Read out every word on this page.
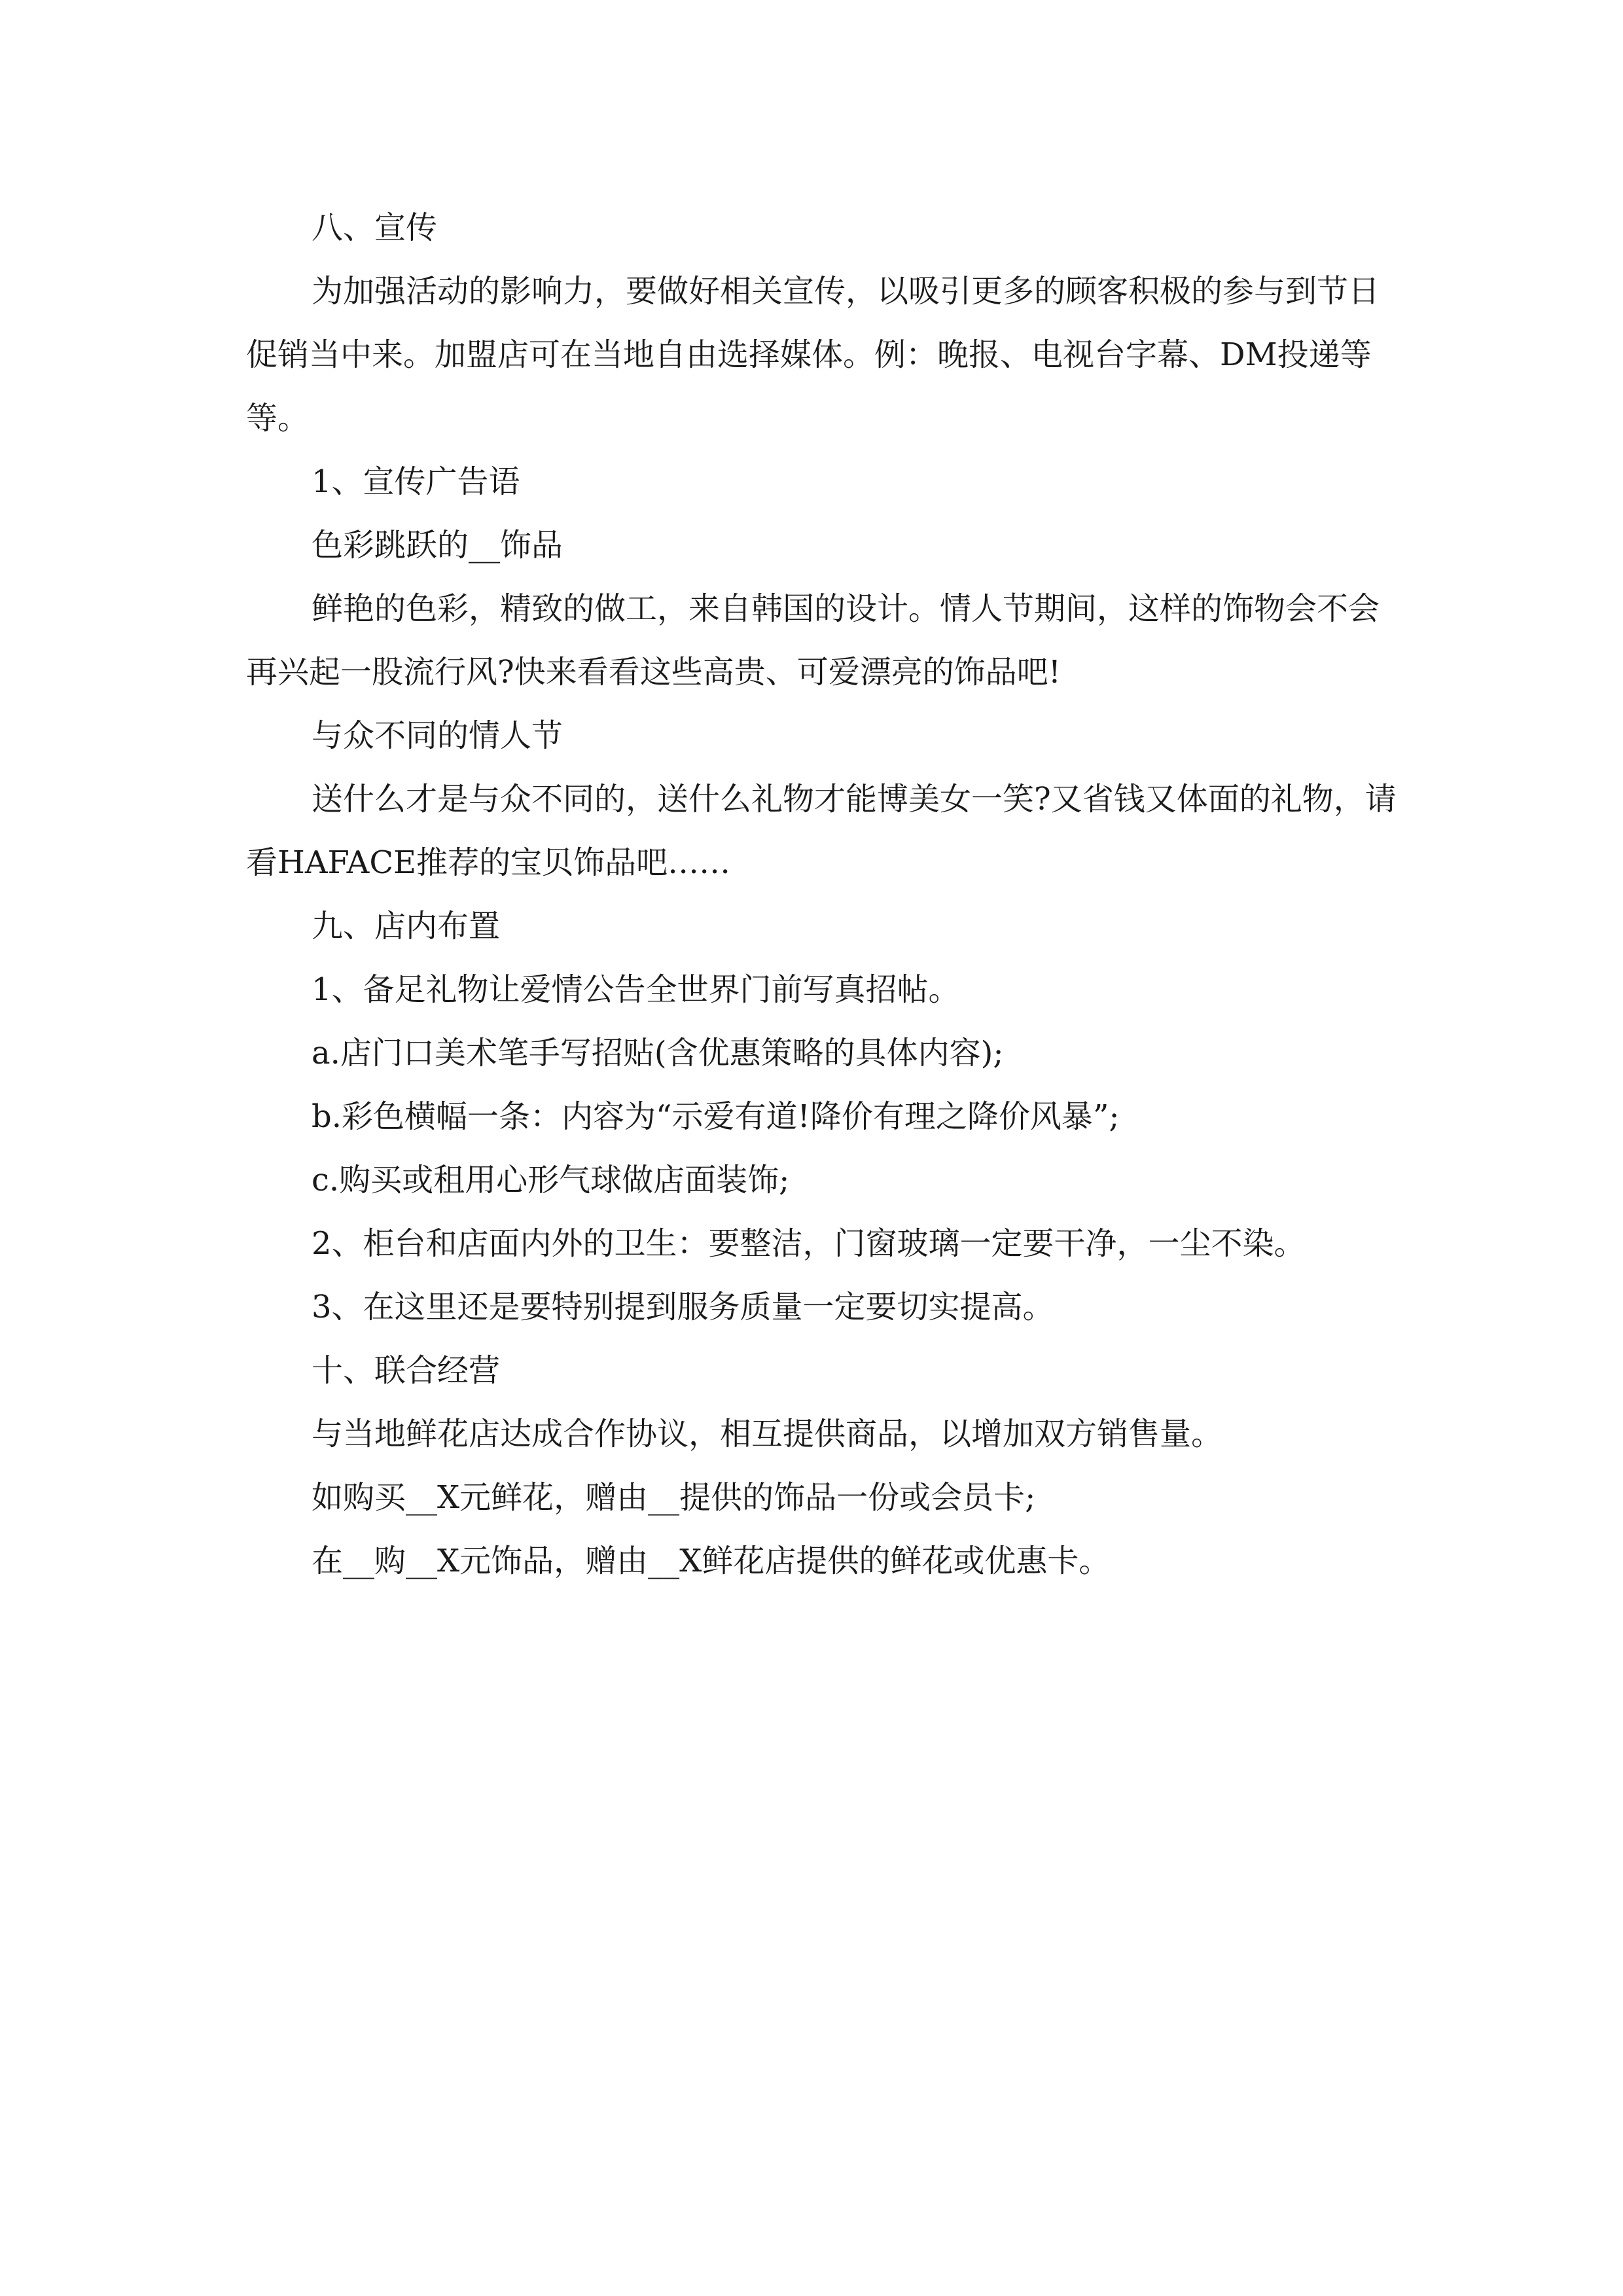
八、宣传

为加强活动的影响力，要做好相关宣传，以吸引更多的顾客积极的参与到节日促销当中来。加盟店可在当地自由选择媒体。例：晚报、电视台字幕、DM投递等等。

1、宣传广告语

色彩跳跃的__饰品

鲜艳的色彩，精致的做工，来自韩国的设计。情人节期间，这样的饰物会不会再兴起一股流行风?快来看看这些高贵、可爱漂亮的饰品吧!

与众不同的情人节

送什么才是与众不同的，送什么礼物才能博美女一笑?又省钱又体面的礼物，请看HAFACE推荐的宝贝饰品吧……

九、店内布置

1、备足礼物让爱情公告全世界门前写真招帖。

a.店门口美术笔手写招贴(含优惠策略的具体内容);

b.彩色横幅一条：内容为“示爱有道!降价有理之降价风暴”;

c.购买或租用心形气球做店面装饰;

2、柜台和店面内外的卫生：要整洁，门窗玻璃一定要干净，一尘不染。

3、在这里还是要特别提到服务质量一定要切实提高。

十、联合经营

与当地鲜花店达成合作协议，相互提供商品，以增加双方销售量。

如购买__X元鲜花，赠由__提供的饰品一份或会员卡;

在__购__X元饰品，赠由__X鲜花店提供的鲜花或优惠卡。
